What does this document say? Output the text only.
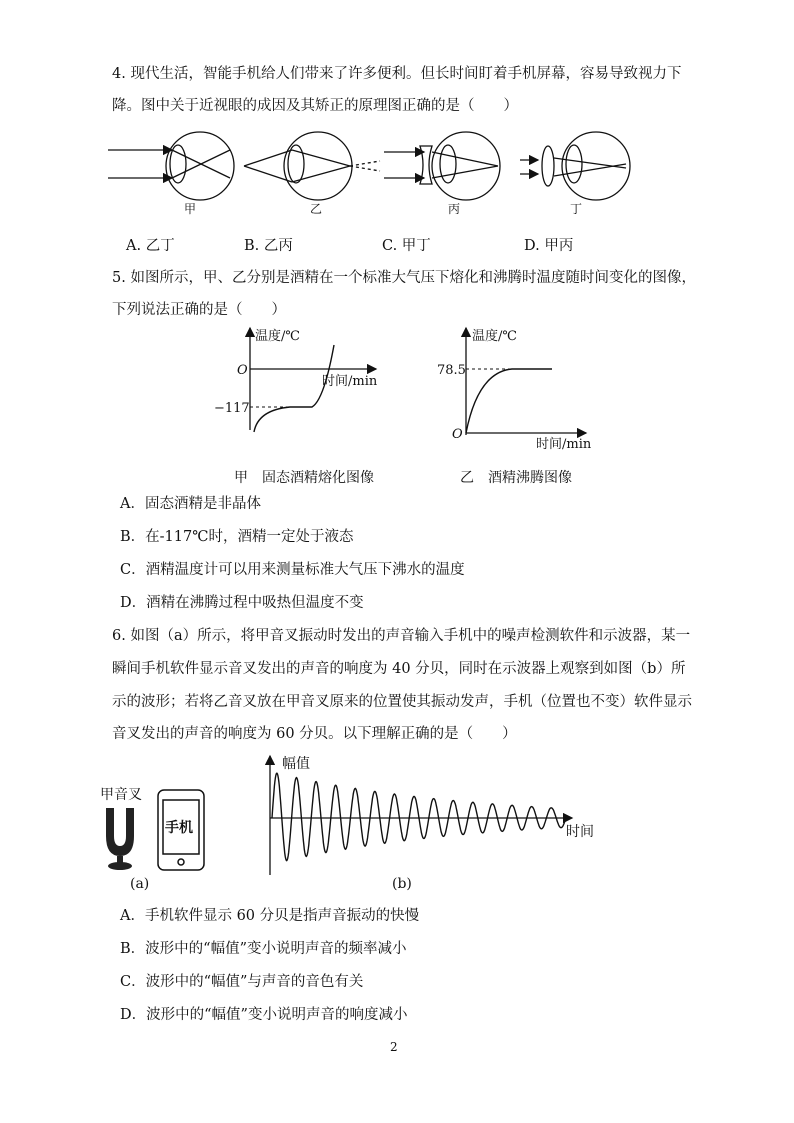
4. 现代生活，智能手机给人们带来了许多便利。但长时间盯着手机屏幕，容易导致视力下
降。图中关于近视眼的成因及其矫正的原理图正确的是（　　）
甲	乙	丙	丁
温度/℃
O
时间/min
−117
甲　固态酒精熔化图像
温度/℃
78.5
O
时间/min
乙　酒精沸腾图像
甲音叉
手机
(a)
幅值
时间
(b)
A. 乙丁	B. 乙丙	C. 甲丁	D. 甲丙
5. 如图所示，甲、乙分别是酒精在一个标准大气压下熔化和沸腾时温度随时间变化的图像，
下列说法正确的是（　　）
A．固态酒精是非晶体
B．在-117℃时，酒精一定处于液态
C．酒精温度计可以用来测量标准大气压下沸水的温度
D．酒精在沸腾过程中吸热但温度不变
6. 如图（a）所示，将甲音叉振动时发出的声音输入手机中的噪声检测软件和示波器，某一
瞬间手机软件显示音叉发出的声音的响度为 40 分贝，同时在示波器上观察到如图（b）所
示的波形；若将乙音叉放在甲音叉原来的位置使其振动发声，手机（位置也不变）软件显示
音叉发出的声音的响度为 60 分贝。以下理解正确的是（　　）
A．手机软件显示 60 分贝是指声音振动的快慢
B．波形中的“幅值”变小说明声音的频率减小
C．波形中的“幅值”与声音的音色有关
D．波形中的“幅值”变小说明声音的响度减小
2
